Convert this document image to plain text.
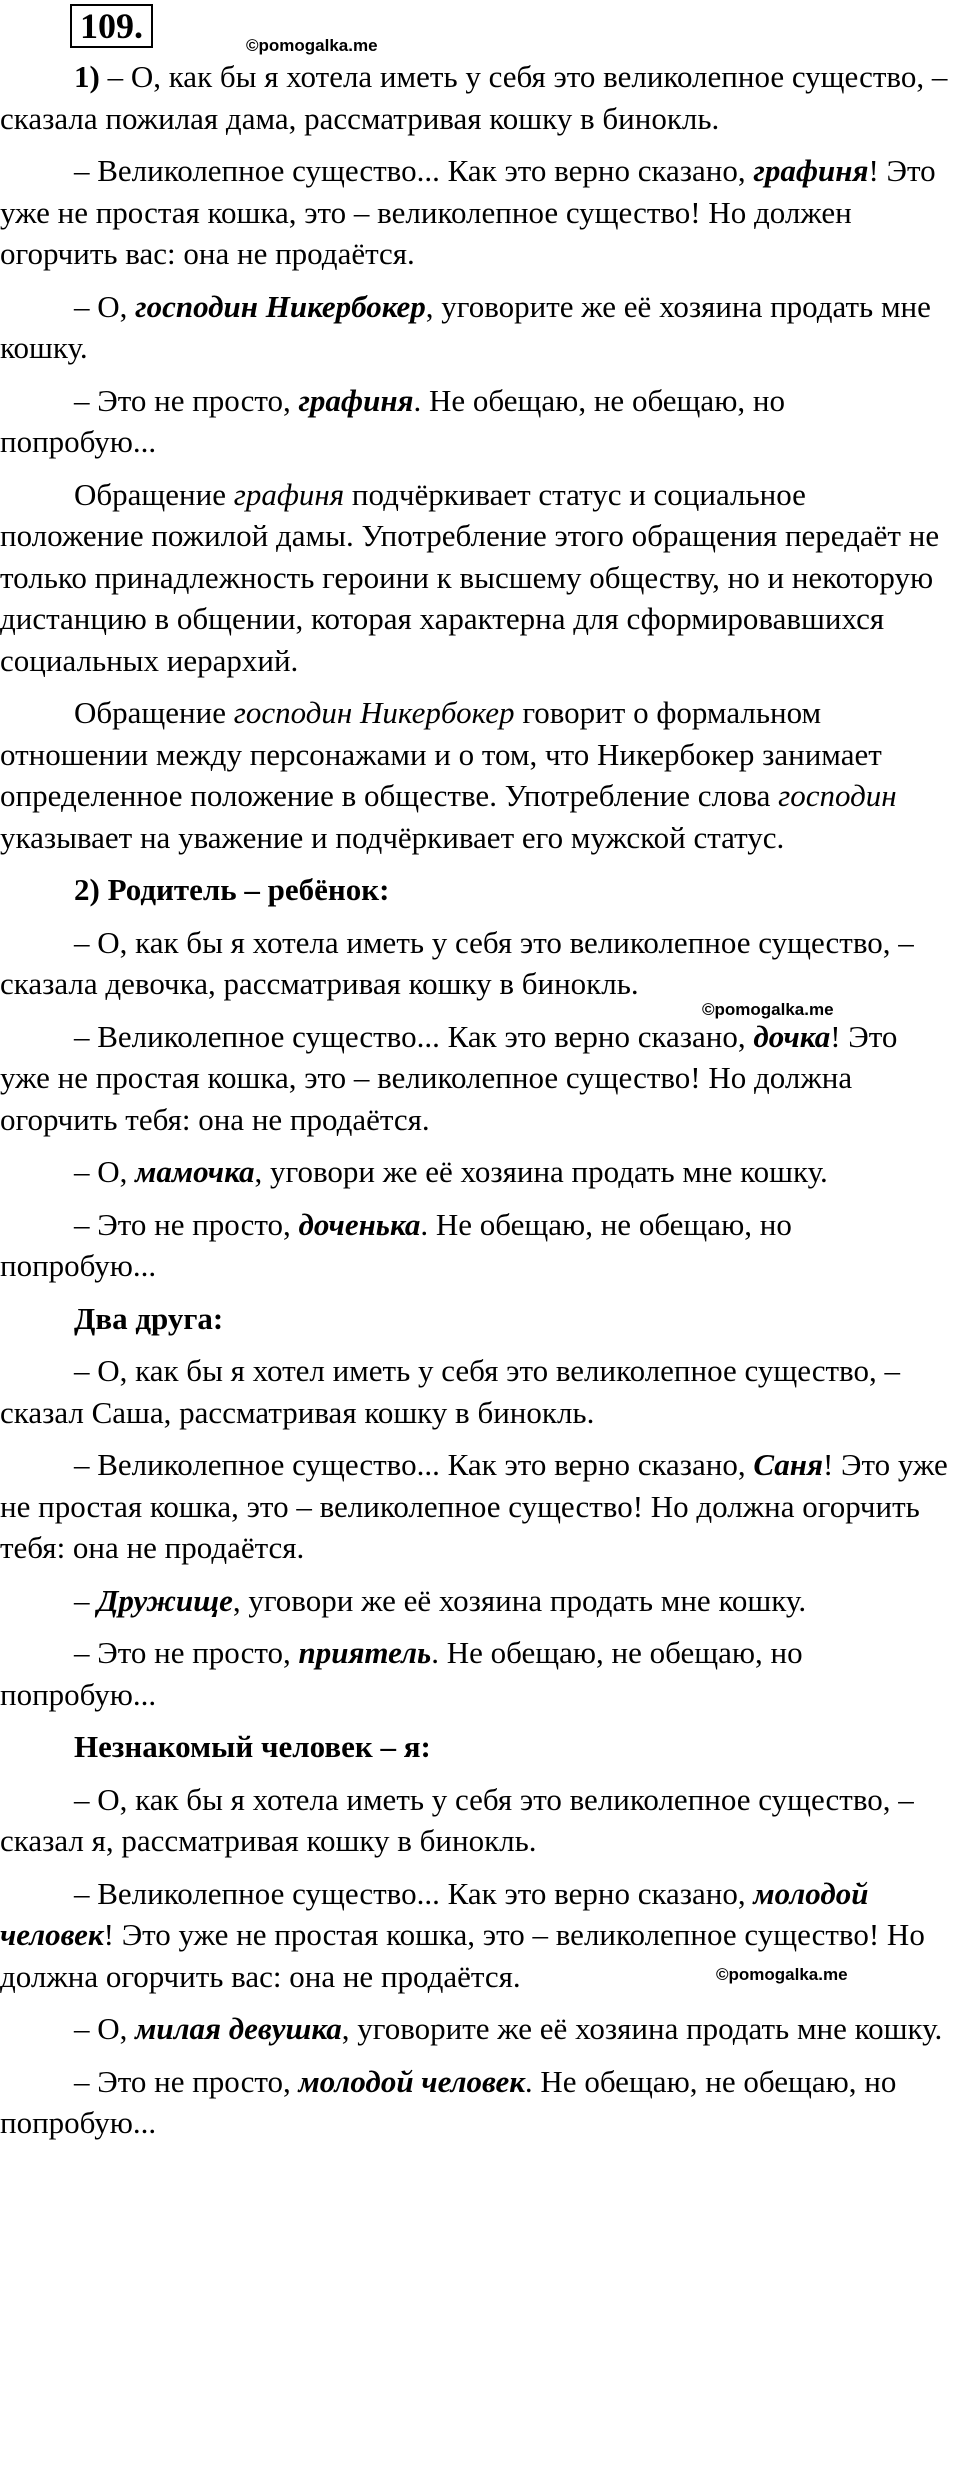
109.	©pomogalka.me
©pomogalka.me
©pomogalka.me

1) – О, как бы я хотела иметь у себя это великолепное существо, – сказала пожилая дама, рассматривая кошку в бинокль.

– Великолепное существо... Как это верно сказано, графиня! Это уже не простая кошка, это – великолепное существо! Но должен огорчить вас: она не продаётся.

– О, господин Никербокер, уговорите же её хозяина продать мне кошку.

– Это не просто, графиня. Не обещаю, не обещаю, но попробую...

Обращение графиня подчёркивает статус и социальное положение пожилой дамы. Употребление этого обращения передаёт не только принадлежность героини к высшему обществу, но и некоторую дистанцию в общении, которая характерна для сформировавшихся социальных иерархий.

Обращение господин Никербокер говорит о формальном отношении между персонажами и о том, что Никербокер занимает определенное положение в обществе. Употребление слова господин указывает на уважение и подчёркивает его мужской статус.

2) Родитель – ребёнок:

– О, как бы я хотела иметь у себя это великолепное существо, – сказала девочка, рассматривая кошку в бинокль.

– Великолепное существо... Как это верно сказано, дочка! Это уже не простая кошка, это – великолепное существо! Но должна огорчить тебя: она не продаётся.

– О, мамочка, уговори же её хозяина продать мне кошку.

– Это не просто, доченька. Не обещаю, не обещаю, но попробую...

Два друга:

– О, как бы я хотел иметь у себя это великолепное существо, – сказал Саша, рассматривая кошку в бинокль.

– Великолепное существо... Как это верно сказано, Саня! Это уже не простая кошка, это – великолепное существо! Но должна огорчить тебя: она не продаётся.

– Дружище, уговори же её хозяина продать мне кошку.

– Это не просто, приятель. Не обещаю, не обещаю, но попробую...

Незнакомый человек – я:

– О, как бы я хотела иметь у себя это великолепное существо, – сказал я, рассматривая кошку в бинокль.

– Великолепное существо... Как это верно сказано, молодой человек! Это уже не простая кошка, это – великолепное существо! Но должна огорчить вас: она не продаётся.

– О, милая девушка, уговорите же её хозяина продать мне кошку.

– Это не просто, молодой человек. Не обещаю, не обещаю, но попробую...
